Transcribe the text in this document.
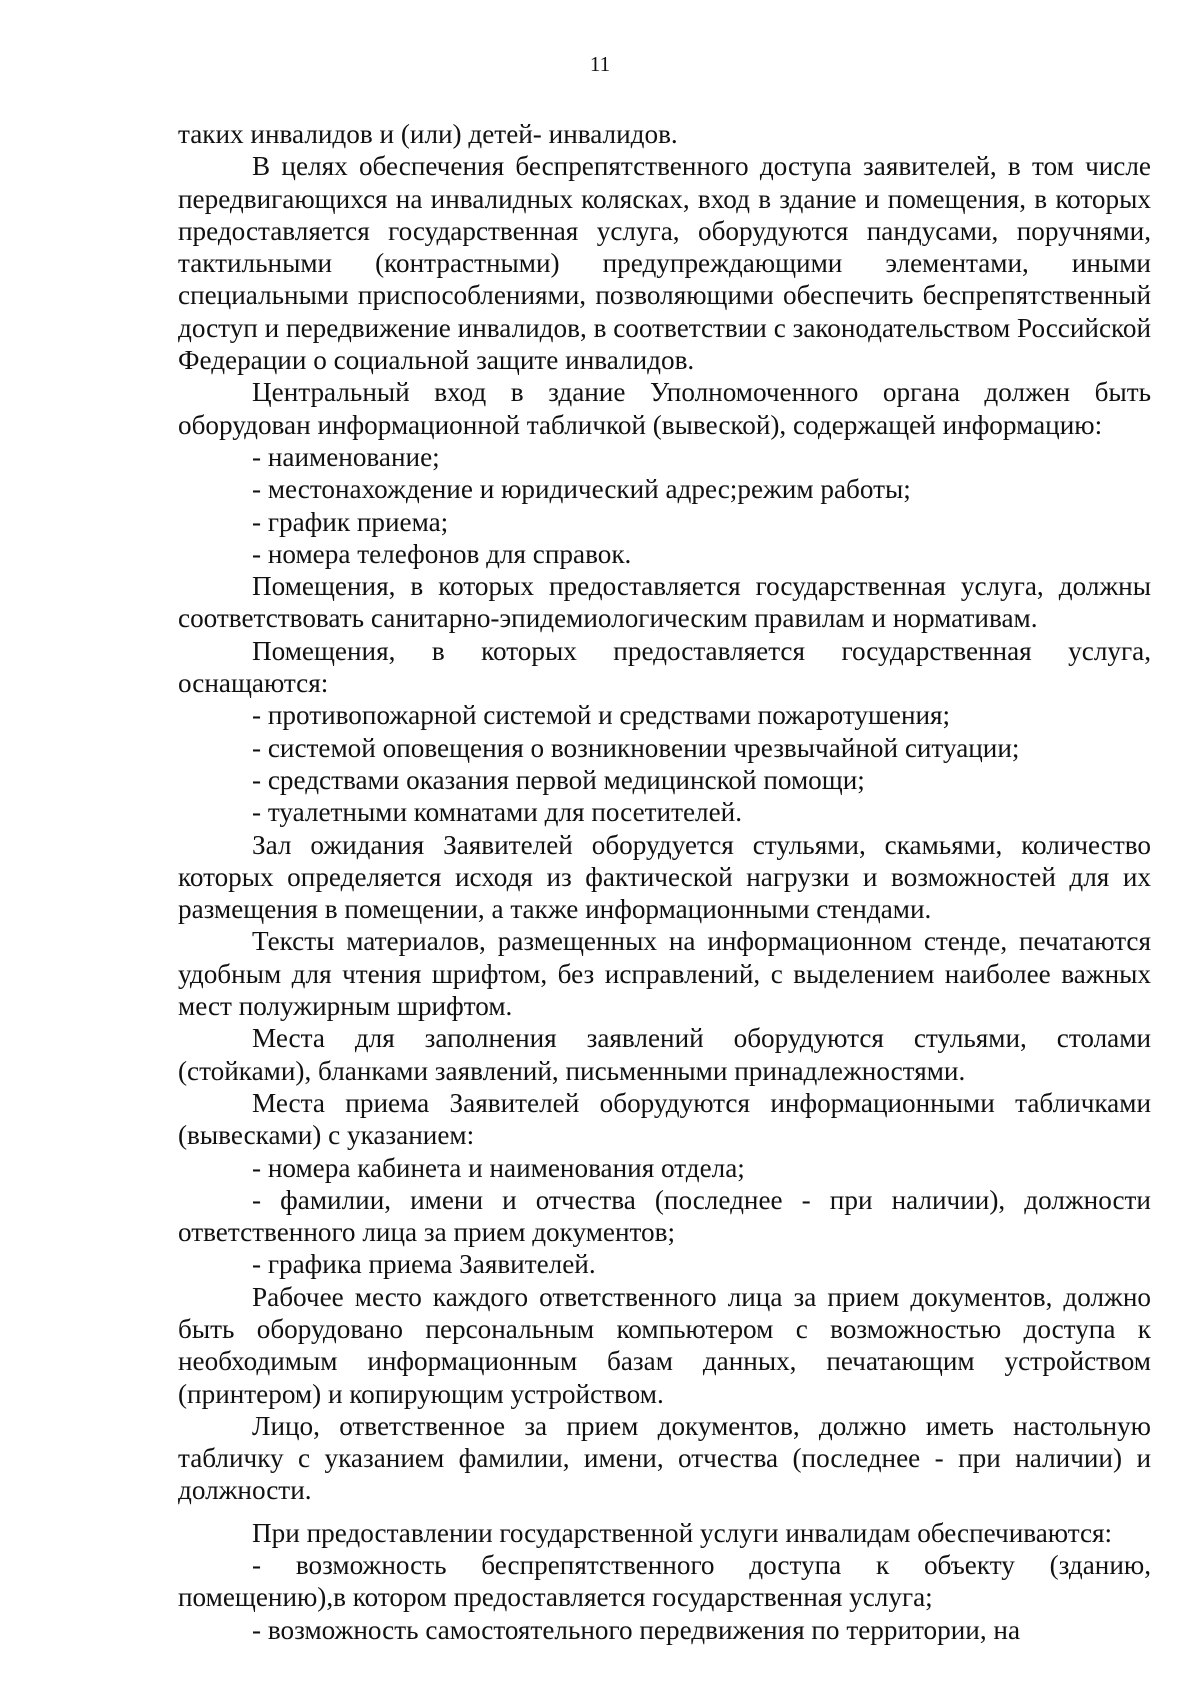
11

таких инвалидов и (или) детей- инвалидов.

В целях обеспечения беспрепятственного доступа заявителей, в том числе передвигающихся на инвалидных колясках, вход в здание и помещения, в которых предоставляется государственная услуга, оборудуются пандусами, поручнями, тактильными (контрастными) предупреждающими элементами, иными специальными приспособлениями, позволяющими обеспечить беспрепятственный доступ и передвижение инвалидов, в соответствии с законодательством Российской Федерации о социальной защите инвалидов.

Центральный вход в здание Уполномоченного органа должен быть оборудован информационной табличкой (вывеской), содержащей информацию:

- наименование;

- местонахождение и юридический адрес;режим работы;

- график приема;

- номера телефонов для справок.

Помещения, в которых предоставляется государственная услуга, должны соответствовать санитарно-эпидемиологическим правилам и нормативам.

Помещения, в которых предоставляется государственная услуга, оснащаются:

- противопожарной системой и средствами пожаротушения;

- системой оповещения о возникновении чрезвычайной ситуации;

- средствами оказания первой медицинской помощи;

- туалетными комнатами для посетителей.

Зал ожидания Заявителей оборудуется стульями, скамьями, количество которых определяется исходя из фактической нагрузки и возможностей для их размещения в помещении, а также информационными стендами.

Тексты материалов, размещенных на информационном стенде, печатаются удобным для чтения шрифтом, без исправлений, с выделением наиболее важных мест полужирным шрифтом.

Места для заполнения заявлений оборудуются стульями, столами (стойками), бланками заявлений, письменными принадлежностями.

Места приема Заявителей оборудуются информационными табличками (вывесками) с указанием:

- номера кабинета и наименования отдела;

- фамилии, имени и отчества (последнее - при наличии), должности ответственного лица за прием документов;

- графика приема Заявителей.

Рабочее место каждого ответственного лица за прием документов, должно быть оборудовано персональным компьютером с возможностью доступа к необходимым информационным базам данных, печатающим устройством (принтером) и копирующим устройством.

Лицо, ответственное за прием документов, должно иметь настольную табличку с указанием фамилии, имени, отчества (последнее - при наличии) и должности.

При предоставлении государственной услуги инвалидам обеспечиваются:

- возможность беспрепятственного доступа к объекту (зданию, помещению),в котором предоставляется государственная услуга;

- возможность самостоятельного передвижения по территории, на
